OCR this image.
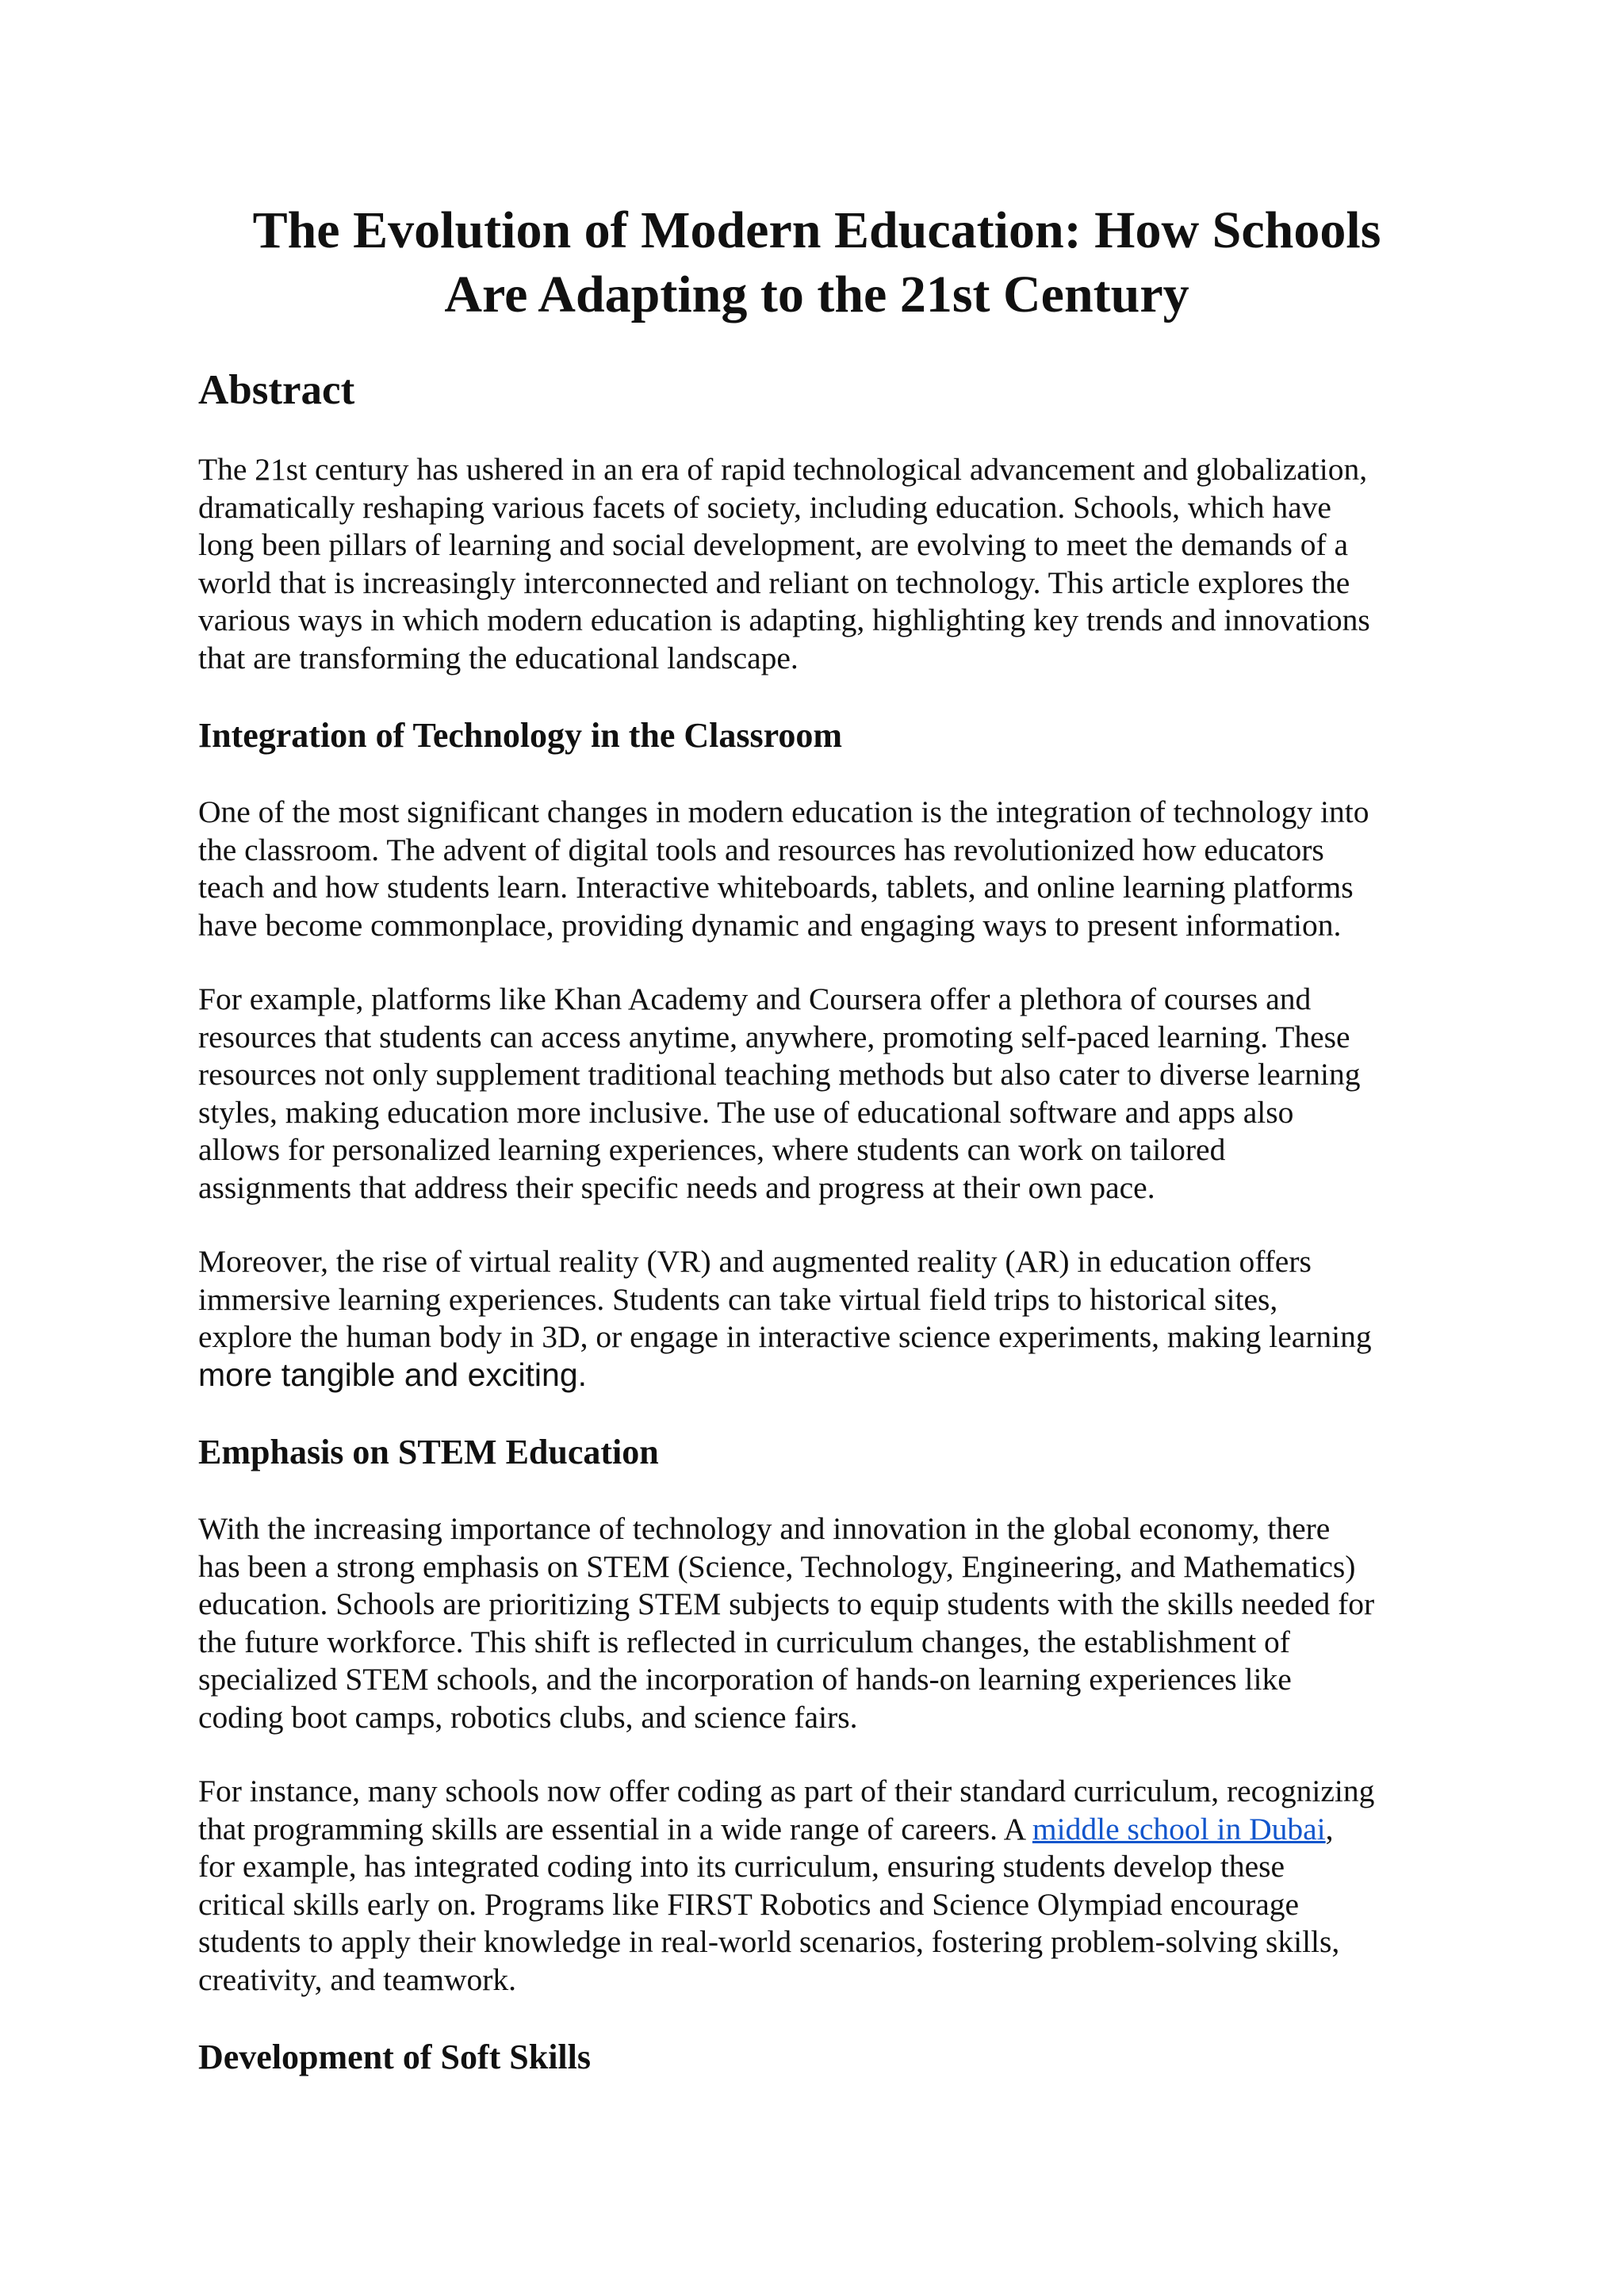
The Evolution of Modern Education: How Schools
Are Adapting to the 21st Century
Abstract

The 21st century has ushered in an era of rapid technological advancement and globalization,
dramatically reshaping various facets of society, including education. Schools, which have
long been pillars of learning and social development, are evolving to meet the demands of a
world that is increasingly interconnected and reliant on technology. This article explores the
various ways in which modern education is adapting, highlighting key trends and innovations
that are transforming the educational landscape.

Integration of Technology in the Classroom

One of the most significant changes in modern education is the integration of technology into
the classroom. The advent of digital tools and resources has revolutionized how educators
teach and how students learn. Interactive whiteboards, tablets, and online learning platforms
have become commonplace, providing dynamic and engaging ways to present information.

For example, platforms like Khan Academy and Coursera offer a plethora of courses and
resources that students can access anytime, anywhere, promoting self-paced learning. These
resources not only supplement traditional teaching methods but also cater to diverse learning
styles, making education more inclusive. The use of educational software and apps also
allows for personalized learning experiences, where students can work on tailored
assignments that address their specific needs and progress at their own pace.

Moreover, the rise of virtual reality (VR) and augmented reality (AR) in education offers
immersive learning experiences. Students can take virtual field trips to historical sites,
explore the human body in 3D, or engage in interactive science experiments, making learning
more tangible and exciting.

Emphasis on STEM Education

With the increasing importance of technology and innovation in the global economy, there
has been a strong emphasis on STEM (Science, Technology, Engineering, and Mathematics)
education. Schools are prioritizing STEM subjects to equip students with the skills needed for
the future workforce. This shift is reflected in curriculum changes, the establishment of
specialized STEM schools, and the incorporation of hands-on learning experiences like
coding boot camps, robotics clubs, and science fairs.

For instance, many schools now offer coding as part of their standard curriculum, recognizing
that programming skills are essential in a wide range of careers. A middle school in Dubai,
for example, has integrated coding into its curriculum, ensuring students develop these
critical skills early on. Programs like FIRST Robotics and Science Olympiad encourage
students to apply their knowledge in real-world scenarios, fostering problem-solving skills,
creativity, and teamwork.

Development of Soft Skills
